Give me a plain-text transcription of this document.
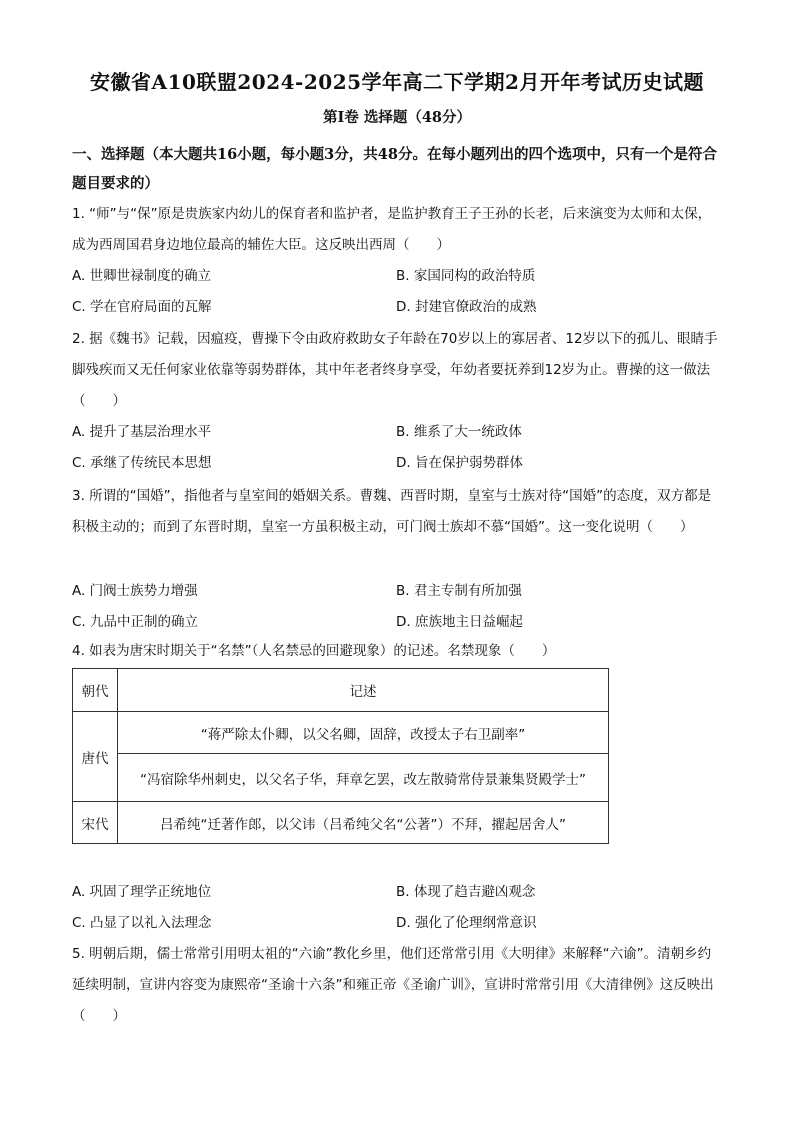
安徽省A10联盟2024-2025学年高二下学期2月开年考试历史试题
第I卷 选择题（48分）
一、选择题（本大题共16小题，每小题3分，共48分。在每小题列出的四个选项中，只有一个是符合题目要求的）
1. “师”与“保”原是贵族家内幼儿的保育者和监护者，是监护教育王子王孙的长老，后来演变为太师和太保，成为西周国君身边地位最高的辅佐大臣。这反映出西周（　　）
A. 世卿世禄制度的确立	B. 家国同构的政治特质
C. 学在官府局面的瓦解	D. 封建官僚政治的成熟
2. 据《魏书》记载，因瘟疫，曹操下令由政府救助女子年龄在70岁以上的寡居者、12岁以下的孤儿、眼睛手脚残疾而又无任何家业依靠等弱势群体，其中年老者终身享受，年幼者要抚养到12岁为止。曹操的这一做法（　　）
A. 提升了基层治理水平	B. 维系了大一统政体
C. 承继了传统民本思想	D. 旨在保护弱势群体
3. 所谓的“国婚”，指他者与皇室间的婚姻关系。曹魏、西晋时期，皇室与士族对待“国婚”的态度，双方都是积极主动的；而到了东晋时期，皇室一方虽积极主动，可门阀士族却不慕“国婚”。这一变化说明（　　）
A. 门阀士族势力增强	B. 君主专制有所加强
C. 九品中正制的确立	D. 庶族地主日益崛起
4. 如表为唐宋时期关于“名禁”（人名禁忌的回避现象）的记述。名禁现象（　　）
朝代	记述
唐代	“蒋严除太仆卿，以父名卿，固辞，改授太子右卫副率”
	“冯宿除华州刺史，以父名子华，拜章乞罢，改左散骑常侍景兼集贤殿学士”
宋代	吕希纯“迁著作郎，以父讳（吕希纯父名“公著”）不拜，擢起居舍人”
A. 巩固了理学正统地位	B. 体现了趋吉避凶观念
C. 凸显了以礼入法理念	D. 强化了伦理纲常意识
5. 明朝后期，儒士常常引用明太祖的“六谕”教化乡里，他们还常常引用《大明律》来解释“六谕”。清朝乡约延续明制，宣讲内容变为康熙帝“圣谕十六条”和雍正帝《圣谕广训》，宣讲时常常引用《大清律例》这反映出（　　）
